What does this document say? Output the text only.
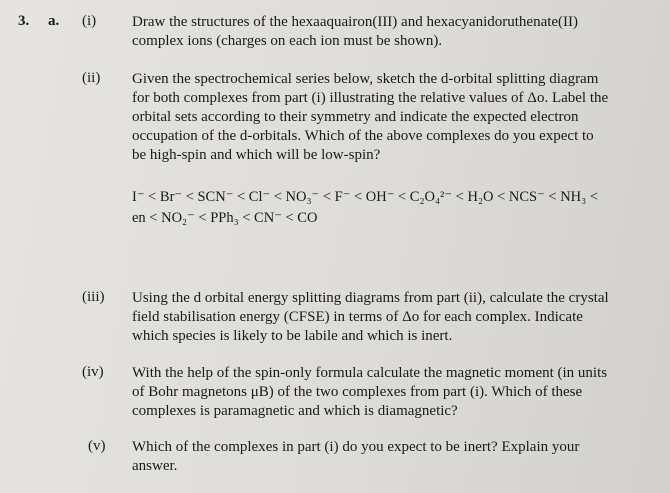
3. a. (i) Draw the structures of the hexaaquairon(III) and hexacyanidoruthenate(II)
complex ions (charges on each ion must be shown).
(ii) Given the spectrochemical series below, sketch the d-orbital splitting diagram
for both complexes from part (i) illustrating the relative values of Δo. Label the
orbital sets according to their symmetry and indicate the expected electron
occupation of the d-orbitals. Which of the above complexes do you expect to
be high-spin and which will be low-spin?
I⁻ < Br⁻ < SCN⁻ < Cl⁻ < NO₃⁻ < F⁻ < OH⁻ < C₂O₄²⁻ < H₂O < NCS⁻ < NH₃ <
en < NO₂⁻ < PPh₃ < CN⁻ < CO
(iii) Using the d orbital energy splitting diagrams from part (ii), calculate the crystal
field stabilisation energy (CFSE) in terms of Δo for each complex. Indicate
which species is likely to be labile and which is inert.
(iv) With the help of the spin-only formula calculate the magnetic moment (in units
of Bohr magnetons μB) of the two complexes from part (i). Which of these
complexes is paramagnetic and which is diamagnetic?
(v) Which of the complexes in part (i) do you expect to be inert? Explain your
answer.
